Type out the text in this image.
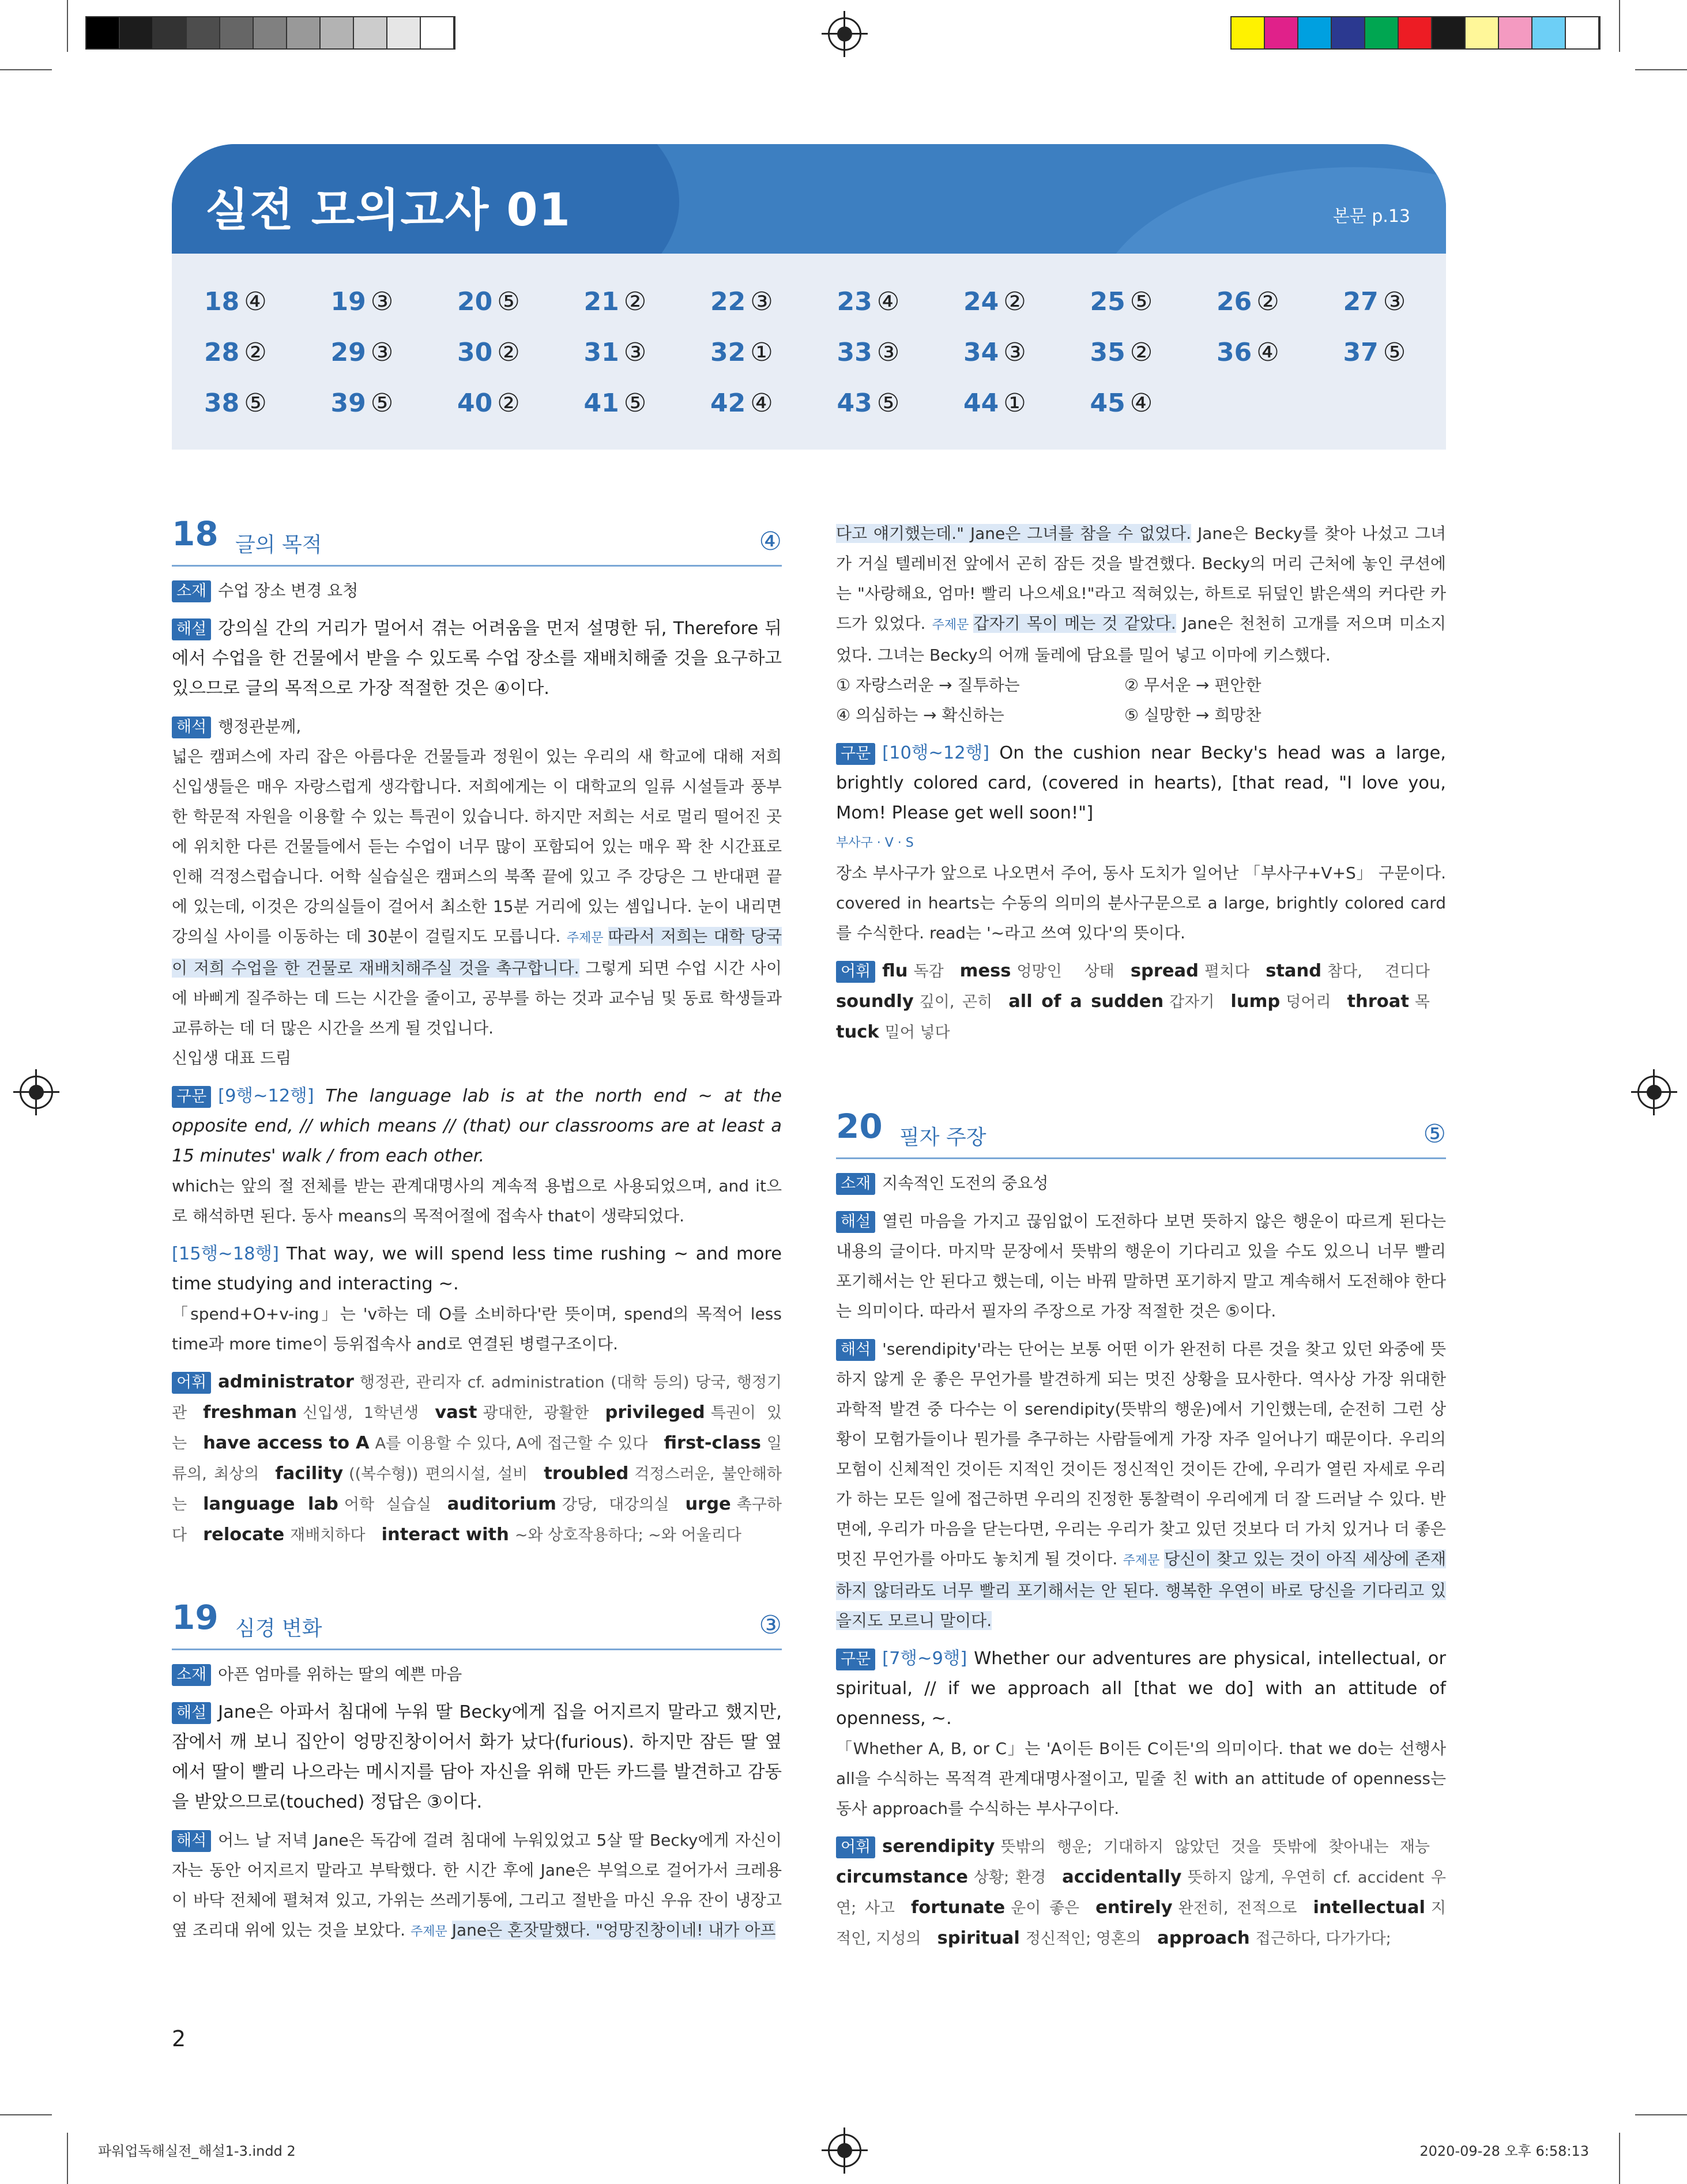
실전 모의고사 01	본문 p.13
18 ④	19 ③	20 ⑤	21 ②	22 ③	23 ④	24 ②	25 ⑤	26 ②	27 ③
28 ②	29 ③	30 ②	31 ③	32 ①	33 ③	34 ③	35 ②	36 ④	37 ⑤
38 ⑤	39 ⑤	40 ②	41 ⑤	42 ④	43 ⑤	44 ①	45 ④
18 글의 목적	④

소재 수업 장소 변경 요청

해설 강의실 간의 거리가 멀어서 겪는 어려움을 먼저 설명한 뒤, Therefore 뒤에서 수업을 한 건물에서 받을 수 있도록 수업 장소를 재배치해줄 것을 요구하고 있으므로 글의 목적으로 가장 적절한 것은 ④이다.

해석 행정관분께,

넓은 캠퍼스에 자리 잡은 아름다운 건물들과 정원이 있는 우리의 새 학교에 대해 저희 신입생들은 매우 자랑스럽게 생각합니다. 저희에게는 이 대학교의 일류 시설들과 풍부한 학문적 자원을 이용할 수 있는 특권이 있습니다. 하지만 저희는 서로 멀리 떨어진 곳에 위치한 다른 건물들에서 듣는 수업이 너무 많이 포함되어 있는 매우 꽉 찬 시간표로 인해 걱정스럽습니다. 어학 실습실은 캠퍼스의 북쪽 끝에 있고 주 강당은 그 반대편 끝에 있는데, 이것은 강의실들이 걸어서 최소한 15분 거리에 있는 셈입니다. 눈이 내리면 강의실 사이를 이동하는 데 30분이 걸릴지도 모릅니다. 주제문 따라서 저희는 대학 당국이 저희 수업을 한 건물로 재배치해주실 것을 촉구합니다. 그렇게 되면 수업 시간 사이에 바삐게 질주하는 데 드는 시간을 줄이고, 공부를 하는 것과 교수님 및 동료 학생들과 교류하는 데 더 많은 시간을 쓰게 될 것입니다.

신입생 대표 드림

구문 [9행~12행] The language lab is at the north end ~ at the opposite end, // which means // (that) our classrooms are at least a 15 minutes' walk / from each other.

which는 앞의 절 전체를 받는 관계대명사의 계속적 용법으로 사용되었으며, and it으로 해석하면 된다. 동사 means의 목적어절에 접속사 that이 생략되었다.

[15행~18행] That way, we will spend less time rushing ~ and more time studying and interacting ~.

「spend+O+v-ing」는 'v하는 데 O를 소비하다'란 뜻이며, spend의 목적어 less time과 more time이 등위접속사 and로 연결된 병렬구조이다.

어휘 administrator 행정관, 관리자 cf. administration (대학 등의) 당국, 행정기관 freshman 신입생, 1학년생 vast 광대한, 광활한 privileged 특권이 있는 have access to A A를 이용할 수 있다, A에 접근할 수 있다 first-class 일류의, 최상의 facility ((복수형)) 편의시설, 설비 troubled 걱정스러운, 불안해하는 language lab 어학 실습실 auditorium 강당, 대강의실 urge 촉구하다 relocate 재배치하다 interact with ~와 상호작용하다; ~와 어울리다

19 심경 변화	③

소재 아픈 엄마를 위하는 딸의 예쁜 마음

해설 Jane은 아파서 침대에 누워 딸 Becky에게 집을 어지르지 말라고 했지만, 잠에서 깨 보니 집안이 엉망진창이어서 화가 났다(furious). 하지만 잠든 딸 옆에서 딸이 빨리 나으라는 메시지를 담아 자신을 위해 만든 카드를 발견하고 감동을 받았으므로(touched) 정답은 ③이다.

해석 어느 날 저녁 Jane은 독감에 걸려 침대에 누워있었고 5살 딸 Becky에게 자신이 자는 동안 어지르지 말라고 부탁했다. 한 시간 후에 Jane은 부엌으로 걸어가서 크레용이 바닥 전체에 펼쳐져 있고, 가위는 쓰레기통에, 그리고 절반을 마신 우유 잔이 냉장고 옆 조리대 위에 있는 것을 보았다. 주제문 Jane은 혼잣말했다. "엉망진창이네! 내가 아프

다고 얘기했는데." Jane은 그녀를 참을 수 없었다. Jane은 Becky를 찾아 나섰고 그녀가 거실 텔레비전 앞에서 곤히 잠든 것을 발견했다. Becky의 머리 근처에 놓인 쿠션에는 "사랑해요, 엄마! 빨리 나으세요!"라고 적혀있는, 하트로 뒤덮인 밝은색의 커다란 카드가 있었다. 주제문 갑자기 목이 메는 것 같았다. Jane은 천천히 고개를 저으며 미소지었다. 그녀는 Becky의 어깨 둘레에 담요를 밀어 넣고 이마에 키스했다.

① 자랑스러운 → 질투하는	② 무서운 → 편안한

④ 의심하는 → 확신하는	⑤ 실망한 → 희망찬

구문 [10행~12행] On the cushion near Becky's head was a large, brightly colored card, (covered in hearts), [that read, "I love you, Mom! Please get well soon!"]

부사구 · V · S

장소 부사구가 앞으로 나오면서 주어, 동사 도치가 일어난 「부사구+V+S」 구문이다. covered in hearts는 수동의 의미의 분사구문으로 a large, brightly colored card를 수식한다. read는 '~라고 쓰여 있다'의 뜻이다.

어휘 flu 독감 mess 엉망인 상태 spread 펼치다 stand 참다, 견디다soundly 깊이, 곤히 all of a sudden 갑자기 lump 덩어리 throat 목tuck 밀어 넣다

20 필자 주장	⑤

소재 지속적인 도전의 중요성

해설 열린 마음을 가지고 끊임없이 도전하다 보면 뜻하지 않은 행운이 따르게 된다는 내용의 글이다. 마지막 문장에서 뜻밖의 행운이 기다리고 있을 수도 있으니 너무 빨리 포기해서는 안 된다고 했는데, 이는 바꿔 말하면 포기하지 말고 계속해서 도전해야 한다는 의미이다. 따라서 필자의 주장으로 가장 적절한 것은 ⑤이다.

해석 'serendipity'라는 단어는 보통 어떤 이가 완전히 다른 것을 찾고 있던 와중에 뜻하지 않게 운 좋은 무언가를 발견하게 되는 멋진 상황을 묘사한다. 역사상 가장 위대한 과학적 발견 중 다수는 이 serendipity(뜻밖의 행운)에서 기인했는데, 순전히 그런 상황이 모험가들이나 뭔가를 추구하는 사람들에게 가장 자주 일어나기 때문이다. 우리의 모험이 신체적인 것이든 지적인 것이든 정신적인 것이든 간에, 우리가 열린 자세로 우리가 하는 모든 일에 접근하면 우리의 진정한 통찰력이 우리에게 더 잘 드러날 수 있다. 반면에, 우리가 마음을 닫는다면, 우리는 우리가 찾고 있던 것보다 더 가치 있거나 더 좋은 멋진 무언가를 아마도 놓치게 될 것이다. 주제문 당신이 찾고 있는 것이 아직 세상에 존재하지 않더라도 너무 빨리 포기해서는 안 된다. 행복한 우연이 바로 당신을 기다리고 있을지도 모르니 말이다.

구문 [7행~9행] Whether our adventures are physical, intellectual, or spiritual, // if we approach all [that we do] with an attitude of openness, ~.

「Whether A, B, or C」는 'A이든 B이든 C이든'의 의미이다. that we do는 선행사 all을 수식하는 목적격 관계대명사절이고, 밑줄 친 with an attitude of openness는 동사 approach를 수식하는 부사구이다.

어휘 serendipity 뜻밖의 행운; 기대하지 않았던 것을 뜻밖에 찾아내는 재능circumstance 상황; 환경 accidentally 뜻하지 않게, 우연히 cf. accident 우연; 사고 fortunate 운이 좋은 entirely 완전히, 전적으로 intellectual 지적인, 지성의 spiritual 정신적인; 영혼의 approach 접근하다, 다가가다;

2
파워업독해실전_해설1-3.indd 2	2020-09-28 오후 6:58:13
